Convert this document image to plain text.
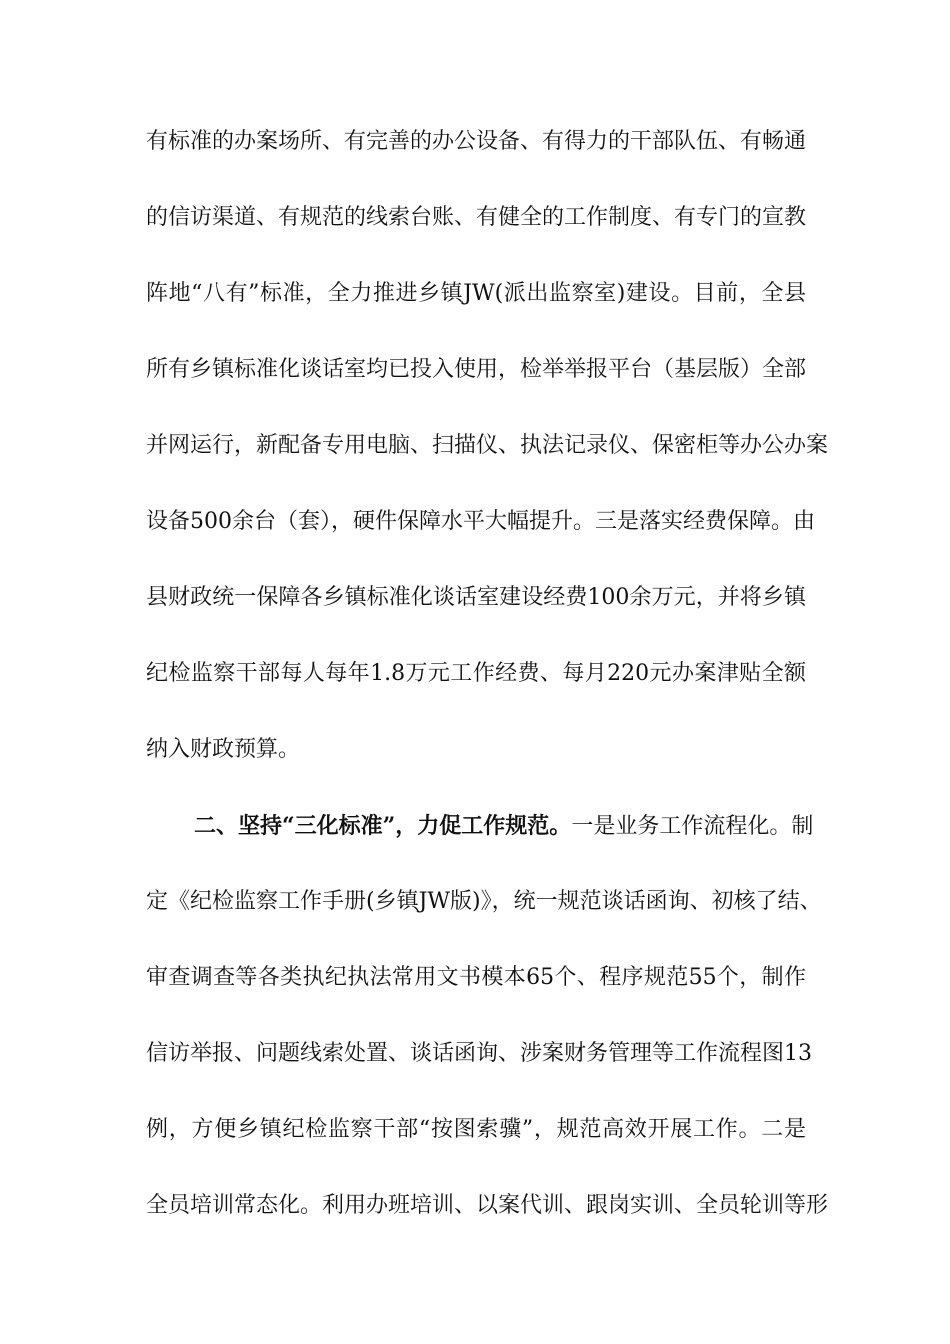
有标准的办案场所、有完善的办公设备、有得力的干部队伍、有畅通
的信访渠道、有规范的线索台账、有健全的工作制度、有专门的宣教
阵地“八有”标准，全力推进乡镇JW(派出监察室)建设。目前，全县
所有乡镇标准化谈话室均已投入使用，检举举报平台（基层版）全部
并网运行，新配备专用电脑、扫描仪、执法记录仪、保密柜等办公办案
设备500余台（套），硬件保障水平大幅提升。三是落实经费保障。由
县财政统一保障各乡镇标准化谈话室建设经费100余万元，并将乡镇
纪检监察干部每人每年1.8万元工作经费、每月220元办案津贴全额
纳入财政预算。
二、坚持“三化标准”，力促工作规范。一是业务工作流程化。制
定《纪检监察工作手册(乡镇JW版)》，统一规范谈话函询、初核了结、
审查调查等各类执纪执法常用文书模本65个、程序规范55个，制作
信访举报、问题线索处置、谈话函询、涉案财务管理等工作流程图13
例，方便乡镇纪检监察干部“按图索骥”，规范高效开展工作。二是
全员培训常态化。利用办班培训、以案代训、跟岗实训、全员轮训等形
